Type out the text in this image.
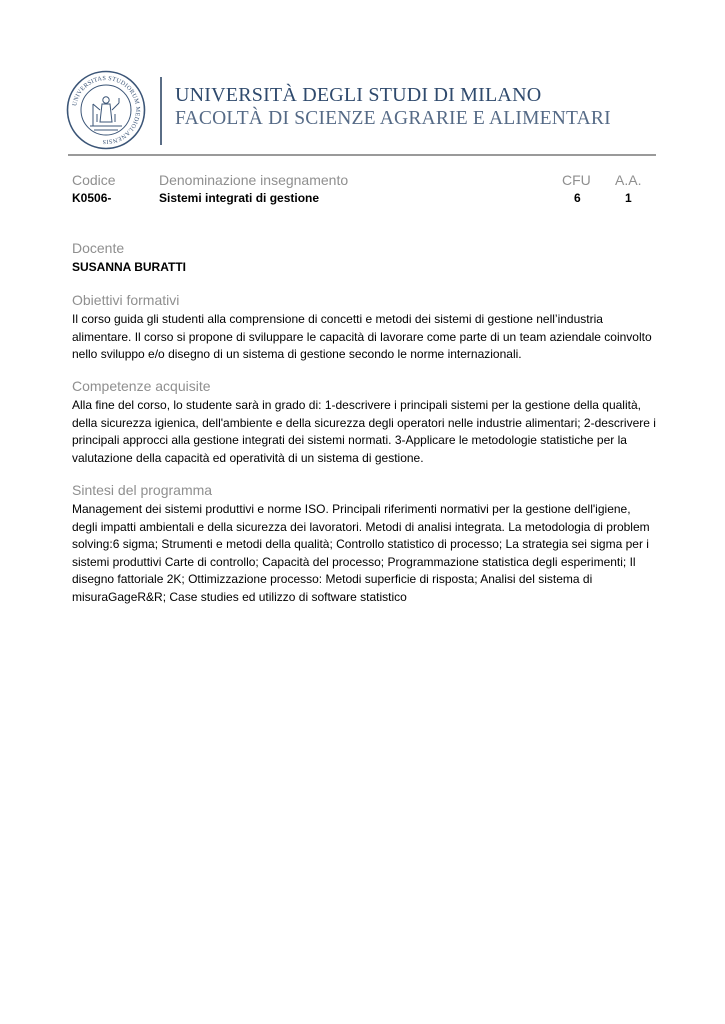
UNIVERSITAS STUDIORUM MEDIOLANENSIS
UNIVERSITÀ DEGLI STUDI DI MILANO
FACOLTÀ DI SCIENZE AGRARIE E ALIMENTARI
Codice	Denominazione insegnamento	CFU A.A.
K0506-	Sistemi integrati di gestione	6	1
Docente
SUSANNA BURATTI
Obiettivi formativi
Il corso guida gli studenti alla comprensione di concetti e metodi dei sistemi di gestione nell’industria alimentare. Il corso si propone di sviluppare le capacità di lavorare come parte di un team aziendale coinvolto nello sviluppo e/o disegno di un sistema di gestione secondo le norme internazionali.
Competenze acquisite
Alla fine del corso, lo studente sarà in grado di: 1-descrivere i principali sistemi per la gestione della qualità, della sicurezza igienica, dell'ambiente e della sicurezza degli operatori nelle industrie alimentari; 2-descrivere i principali approcci alla gestione integrati dei sistemi normati. 3-Applicare le metodologie statistiche per la valutazione della capacità ed operatività di un sistema di gestione.
Sintesi del programma
Management dei sistemi produttivi e norme ISO. Principali riferimenti normativi per la gestione dell'igiene, degli impatti ambientali e della sicurezza dei lavoratori. Metodi di analisi integrata. La metodologia di problem solving:6 sigma; Strumenti e metodi della qualità; Controllo statistico di processo; La strategia sei sigma per i sistemi produttivi Carte di controllo; Capacità del processo; Programmazione statistica degli esperimenti; Il disegno fattoriale 2K; Ottimizzazione processo: Metodi superficie di risposta; Analisi del sistema di misuraGageR&R; Case studies ed utilizzo di software statistico
